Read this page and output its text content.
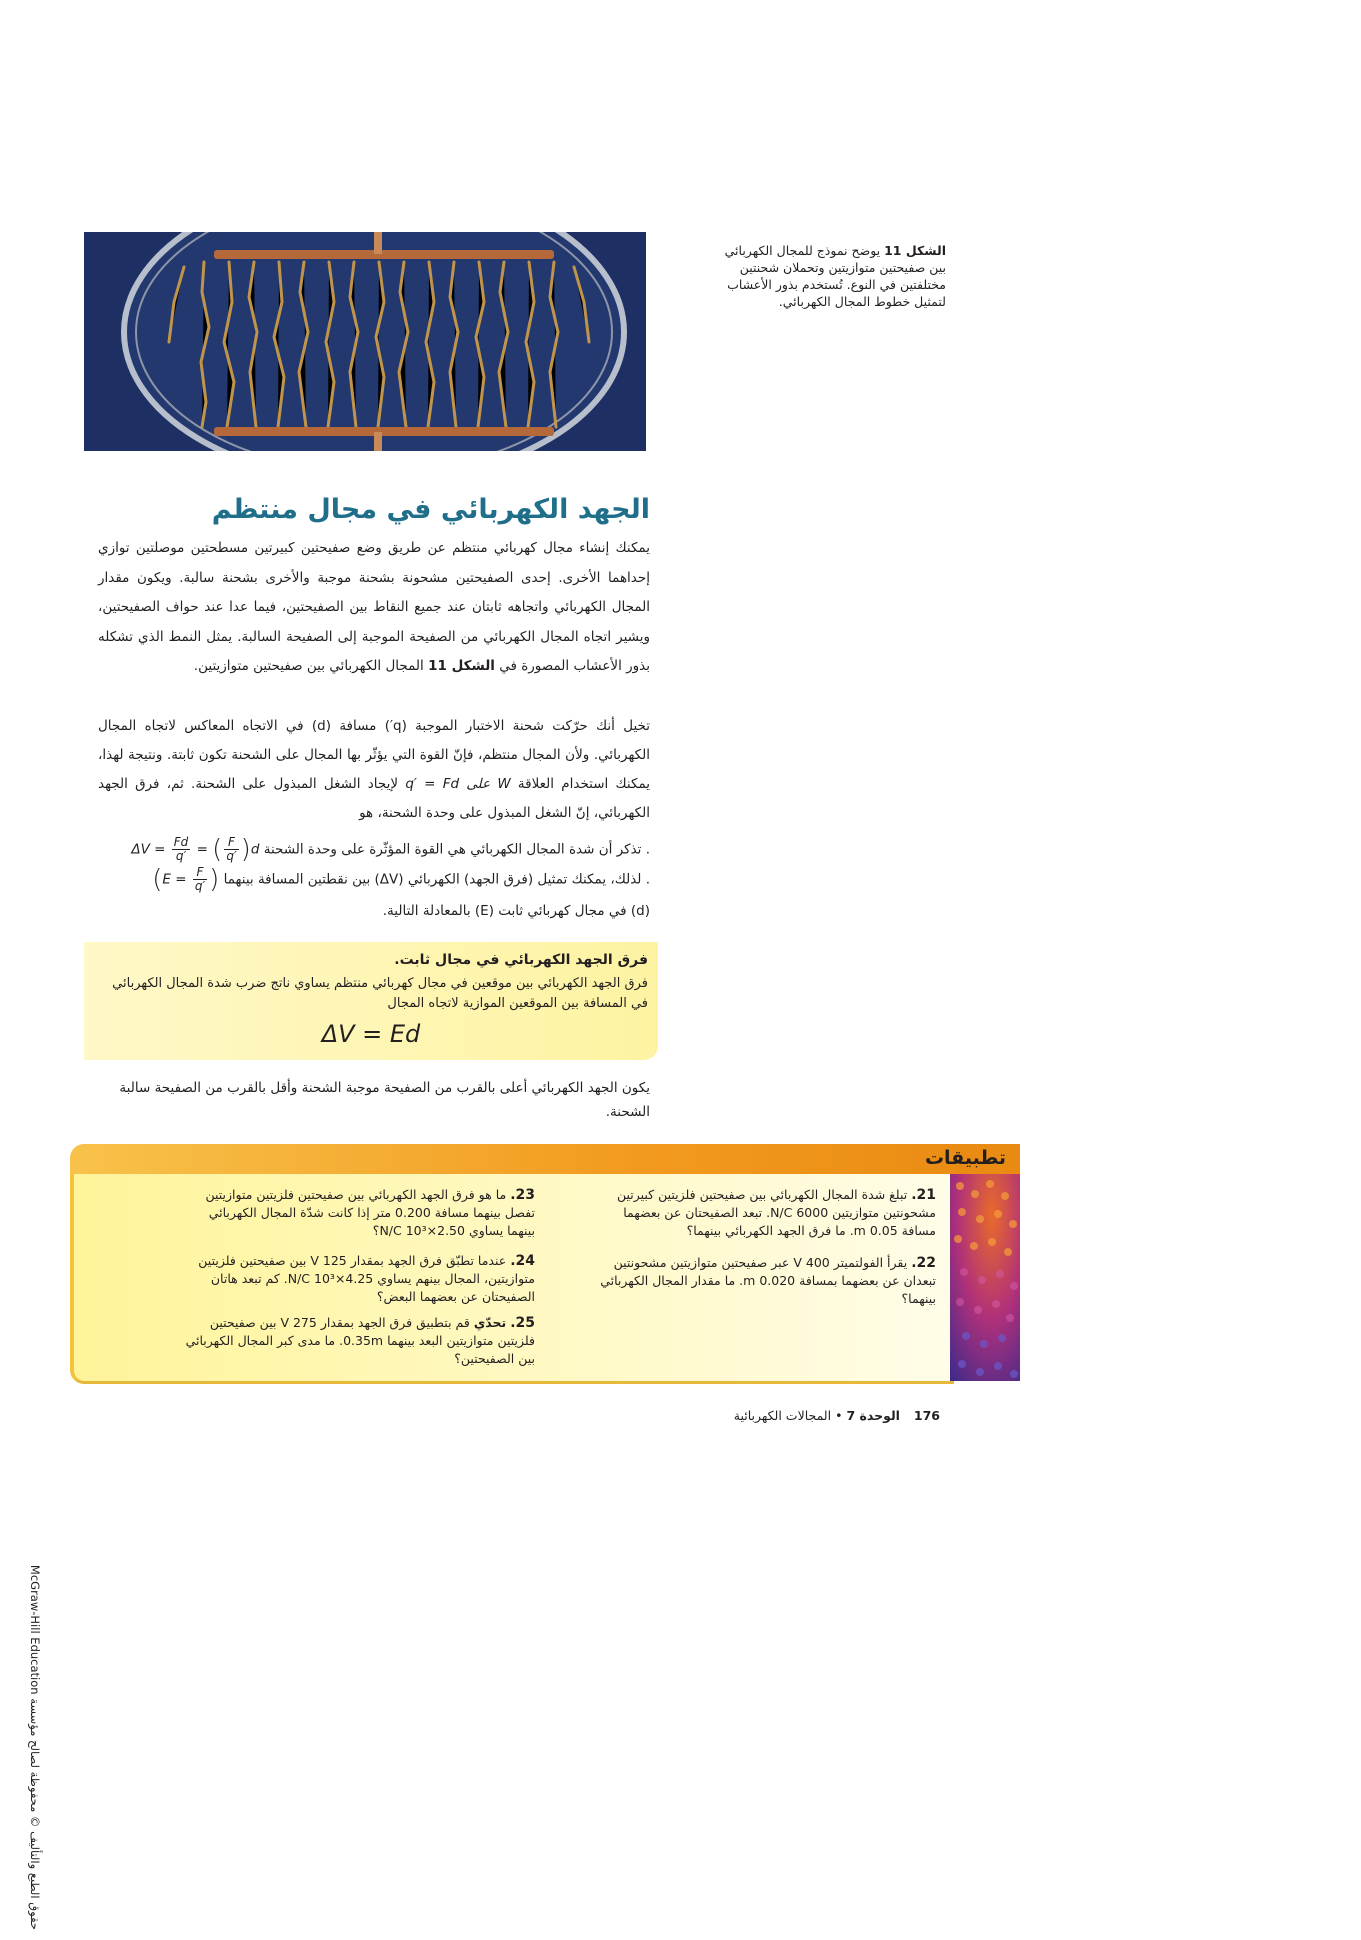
الشكل 11 يوضح نموذج للمجال الكهربائي بين صفيحتين متوازيتين وتحملان شحنتين مختلفتين في النوع. تُستخدم بذور الأعشاب لتمثيل خطوط المجال الكهربائي.
الجهد الكهربائي في مجال منتظم

يمكنك إنشاء مجال كهربائي منتظم عن طريق وضع صفيحتين كبيرتين مسطحتين موصلتين توازي إحداهما الأخرى. إحدى الصفيحتين مشحونة بشحنة موجبة والأخرى بشحنة سالبة. ويكون مقدار المجال الكهربائي واتجاهه ثابتان عند جميع النقاط بين الصفيحتين، فيما عدا عند حواف الصفيحتين، ويشير اتجاه المجال الكهربائي من الصفيحة الموجبة إلى الصفيحة السالبة. يمثل النمط الذي تشكله بذور الأعشاب المصورة في الشكل 11 المجال الكهربائي بين صفيحتين متوازيتين.

تخيل أنك حرّكت شحنة الاختبار الموجبة (q′) مسافة (d) في الاتجاه المعاكس لاتجاه المجال الكهربائي. ولأن المجال منتظم، فإنّ القوة التي يؤثّر بها المجال على الشحنة تكون ثابتة. ونتيجة لهذا، يمكنك استخدام العلاقة W على q′ = Fd لإيجاد الشغل المبذول على الشحنة. ثم، فرق الجهد الكهربائي، إنّ الشغل المبذول على وحدة الشحنة، هو

. تذكر أن شدة المجال الكهربائي هي القوة المؤثّرة على وحدة الشحنة $\Delta V = \frac{Fd}{q'}$ = ( $\frac{F}{q'} )d$
. لذلك، يمكنك تمثيل (فرق الجهد) الكهربائي (ΔV) بين نقطتين المسافة بينهما ($E = \frac{F}{q'}$ )
(d) في مجال كهربائي ثابت (E) بالمعادلة التالية.
فرق الجهد الكهربائي في مجال ثابت.
فرق الجهد الكهربائي بين موقعين في مجال كهربائي منتظم يساوي ناتج ضرب شدة المجال الكهربائي في المسافة بين الموقعين الموازية لاتجاه المجال
ΔV = Ed

يكون الجهد الكهربائي أعلى بالقرب من الصفيحة موجبة الشحنة وأقل بالقرب من الصفيحة سالبة الشحنة.

تطبيقات
21. تبلغ شدة المجال الكهربائي بين صفيحتين فلزيتين كبيرتين مشحونتين متوازيتين 6000 N/C. تبعد الصفيحتان عن بعضهما مسافة 0.05 m. ما فرق الجهد الكهربائي بينهما؟
22. يقرأ الفولتميتر 400 V عبر صفيحتين متوازيتين مشحونتين تبعدان عن بعضهما بمسافة 0.020 m. ما مقدار المجال الكهربائي بينهما؟
23. ما هو فرق الجهد الكهربائي بين صفيحتين فلزيتين متوازيتين تفصل بينهما مسافة 0.200 متر إذا كانت شدّة المجال الكهربائي بينهما يساوي 2.50×10³ N/C؟
24. عندما تطبّق فرق الجهد بمقدار 125 V بين صفيحتين فلزيتين متوازيتين، المجال بينهم يساوي 4.25×10³ N/C. كم تبعد هاتان الصفيحتان عن بعضهما البعض؟
25. تحدّي قم بتطبيق فرق الجهد بمقدار 275 V بين صفيحتين فلزيتين متوازيتين البعد بينهما 0.35m. ما مدى كبر المجال الكهربائي بين الصفيحتين؟
176 الوحدة 7 • المجالات الكهربائية
حقوق الطبع والتأليف © محفوظة لصالح مؤسسة McGraw-Hill Education
